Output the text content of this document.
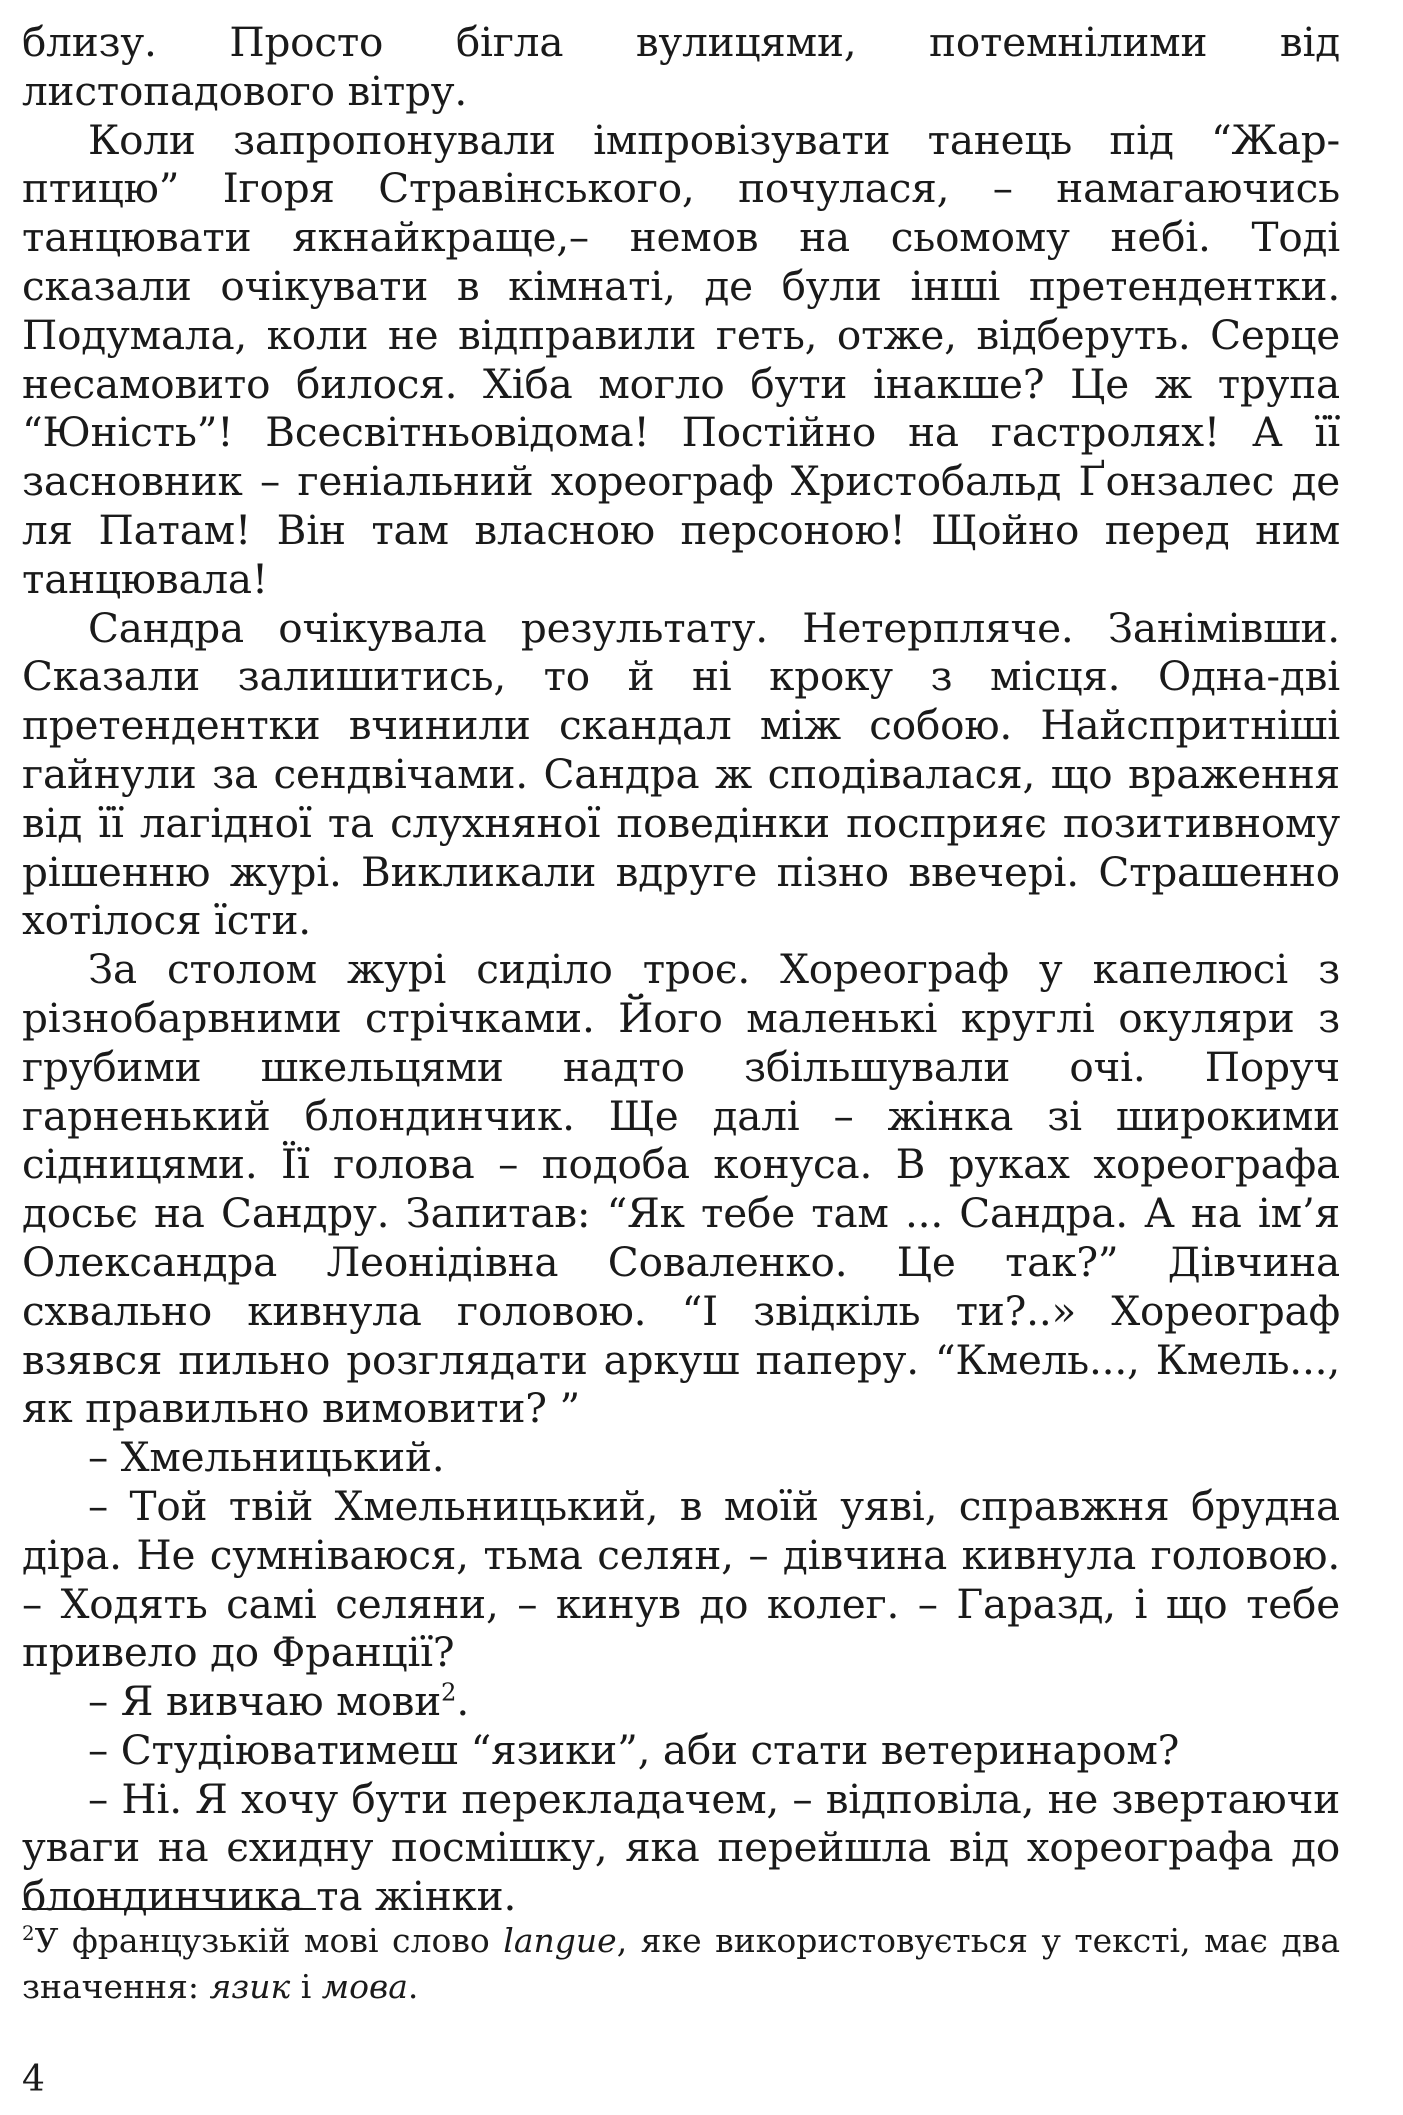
близу. Просто бігла вулицями, потемнілими від листопадового вітру.

Коли запропонували імпровізувати танець під “Жар-птицю” Ігоря Стравінського, почулася, – намагаючись танцювати якнайкраще,– немов на сьомому небі. Тоді сказали очікувати в кімнаті, де були інші претендентки. Подумала, коли не відправили геть, отже, відберуть. Серце несамовито билося. Хіба могло бути інакше? Це ж трупа “Юність”! Всесвітньовідома! Постійно на гастролях! А її засновник – геніальний хореограф Христобальд Ґонзалес де ля Патам! Він там власною персоною! Щойно перед ним танцювала!

Сандра очікувала результату. Нетерпляче. Занімівши. Сказали залишитись, то й ні кроку з місця. Одна-дві претендентки вчинили скандал між собою. Найспритніші гайнули за сендвічами. Сандра ж сподівалася, що враження від її лагідної та слухняної поведінки посприяє позитивному рішенню журі. Викликали вдруге пізно ввечері. Страшенно хотілося їсти.

За столом журі сиділо троє. Хореограф у капелюсі з різнобарвними стрічками. Його маленькі круглі окуляри з грубими шкельцями надто збільшували очі. Поруч гарненький блондинчик. Ще далі – жінка зі широкими сідницями. Її голова – подоба конуса. В руках хореографа досьє на Сандру. Запитав: “Як тебе там ... Сандра. А на ім’я Олександра Леонідівна Соваленко. Це так?” Дівчина схвально кивнула головою. “І звідкіль ти?..» Хореограф взявся пильно розглядати аркуш паперу. “Кмель..., Кмель..., як правильно вимовити? ”

– Хмельницький.

– Той твій Хмельницький, в моїй уяві, справжня брудна діра. Не сумніваюся, тьма селян, – дівчина кивнула головою. – Ходять самі селяни, – кинув до колег. – Гаразд, і що тебе привело до Франції?

– Я вивчаю мови$^2$.

– Студіюватимеш “язики”, аби стати ветеринаром?

– Ні. Я хочу бути перекладачем, – відповіла, не звертаючи уваги на єхидну посмішку, яка перейшла від хореографа до блондинчика та жінки.

$^2$У французькій мові слово langue, яке використовується у тексті, має два значення: язик і мова.

4
